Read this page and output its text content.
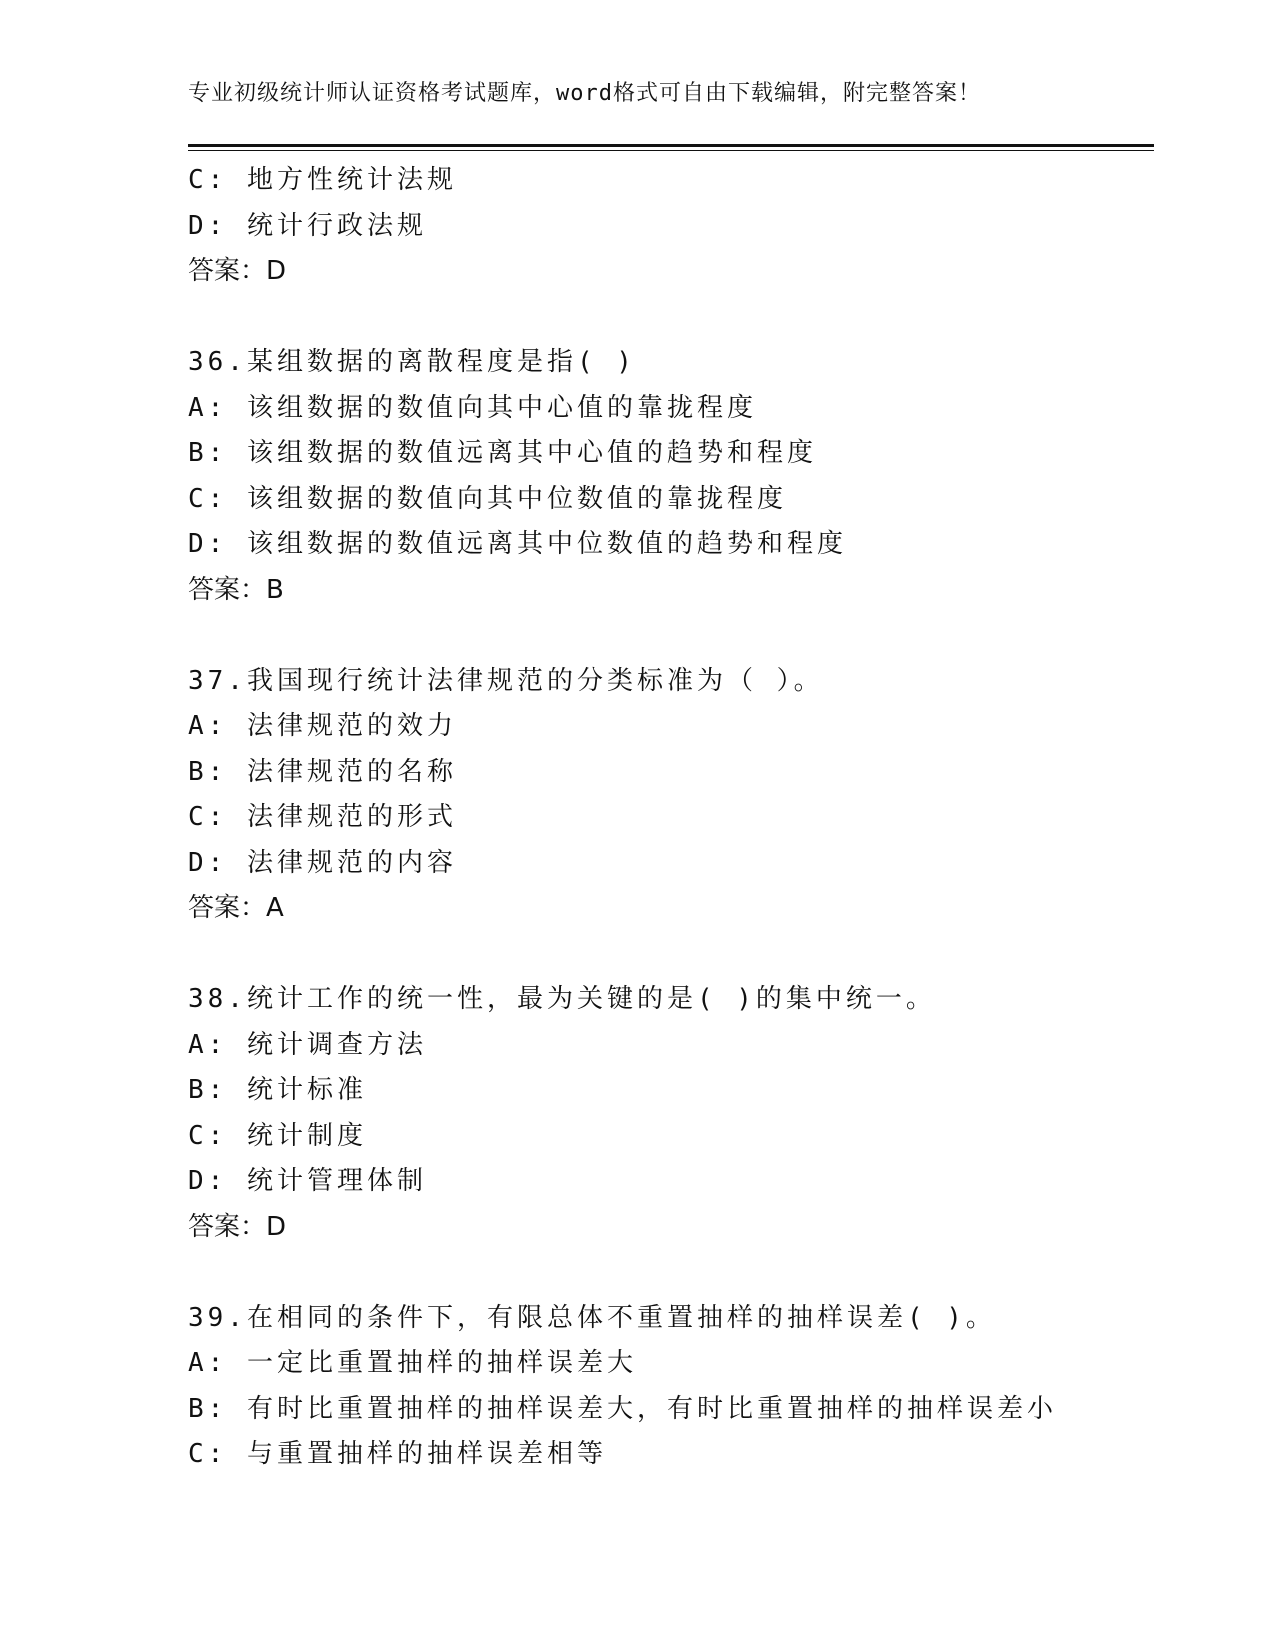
专业初级统计师认证资格考试题库，word格式可自由下载编辑，附完整答案！
C: 地方性统计法规
D: 统计行政法规
答案：D
36.某组数据的离散程度是指( )
A: 该组数据的数值向其中心值的靠拢程度
B: 该组数据的数值远离其中心值的趋势和程度
C: 该组数据的数值向其中位数值的靠拢程度
D: 该组数据的数值远离其中位数值的趋势和程度
答案：B
37.我国现行统计法律规范的分类标准为（ ）。
A: 法律规范的效力
B: 法律规范的名称
C: 法律规范的形式
D: 法律规范的内容
答案：A
38.统计工作的统一性，最为关键的是( )的集中统一。
A: 统计调查方法
B: 统计标准
C: 统计制度
D: 统计管理体制
答案：D
39.在相同的条件下，有限总体不重置抽样的抽样误差( )。
A: 一定比重置抽样的抽样误差大
B: 有时比重置抽样的抽样误差大，有时比重置抽样的抽样误差小
C: 与重置抽样的抽样误差相等
